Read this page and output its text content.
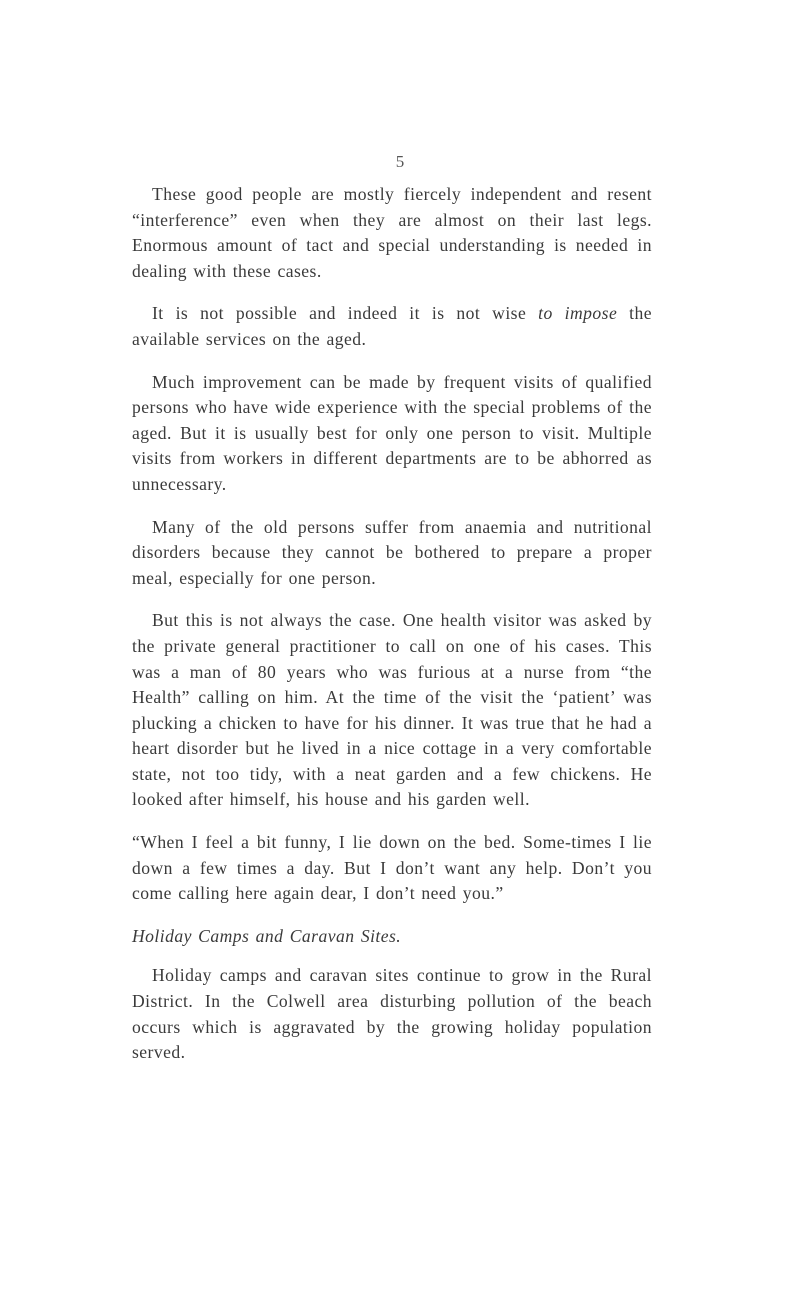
5

These good people are mostly fiercely independent and resent “interference” even when they are almost on their last legs. Enormous amount of tact and special understanding is needed in dealing with these cases.

It is not possible and indeed it is not wise to impose the available services on the aged.

Much improvement can be made by frequent visits of qualified persons who have wide experience with the special problems of the aged. But it is usually best for only one person to visit. Multiple visits from workers in different departments are to be abhorred as unnecessary.

Many of the old persons suffer from anaemia and nutritional disorders because they cannot be bothered to prepare a proper meal, especially for one person.

But this is not always the case. One health visitor was asked by the private general practitioner to call on one of his cases. This was a man of 80 years who was furious at a nurse from “the Health” calling on him. At the time of the visit the ‘patient’ was plucking a chicken to have for his dinner. It was true that he had a heart disorder but he lived in a nice cottage in a very comfortable state, not too tidy, with a neat garden and a few chickens. He looked after himself, his house and his garden well.

“When I feel a bit funny, I lie down on the bed. Some-times I lie down a few times a day. But I don’t want any help. Don’t you come calling here again dear, I don’t need you.”

Holiday Camps and Caravan Sites.

Holiday camps and caravan sites continue to grow in the Rural District. In the Colwell area disturbing pollution of the beach occurs which is aggravated by the growing holiday population served.
